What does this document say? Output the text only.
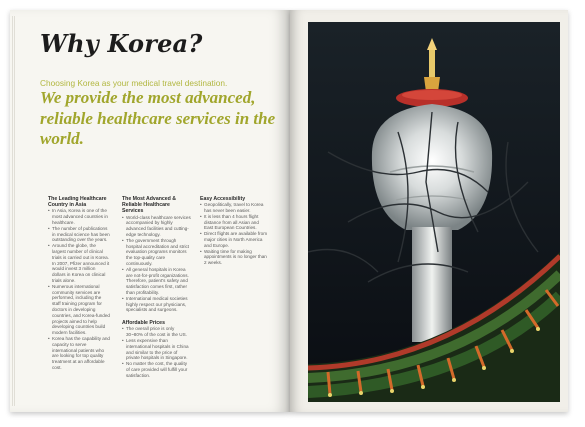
Why Korea?
Choosing Korea as your medical travel destination.
We provide the most advanced, reliable healthcare services in the world.
The Leading Healthcare Country in Asia
• In Asia, Korea is one of the most advanced countries in healthcare.
• The number of publications in medical science has been outstanding over the years.
• Around the globe, the largest number of clinical trials is carried out in Korea. In 2007, Pfizer announced it would invest 3 million dollars in Korea on clinical trials alone.
• Numerous international community services are performed, including the staff training program for doctors in developing countries, and Korea-funded projects aimed to help developing countries build modern facilities.
• Korea has the capability and capacity to serve international patients who are looking for top quality treatment at an affordable cost.
The Most Advanced & Reliable Healthcare Services
• World-class healthcare services accompanied by highly advanced facilities and cutting-edge technology.
• The government through hospital accreditation and strict evaluation programs monitors the top-quality care continuously.
• All general hospitals in Korea are not-for-profit organizations. Therefore, patient's safety and satisfaction comes first, rather than profitability.
• International medical societies highly respect our physicians, specialists and surgeons.
Affordable Prices
• The overall price is only 30~80% of the cost in the US.
• Less expensive than international hospitals in China and similar to the price of private hospitals in Singapore.
• No matter the cost, the quality of care provided will fulfill your satisfaction.
Easy Accessibility
• Geopolitically, travel to Korea has never been easier.
• It is less than 4 hours flight distance from all Asian and East European Countries.
• Direct flights are available from major cities in North America and Europe.
• Waiting time for making appointments is no longer than 2 weeks.
